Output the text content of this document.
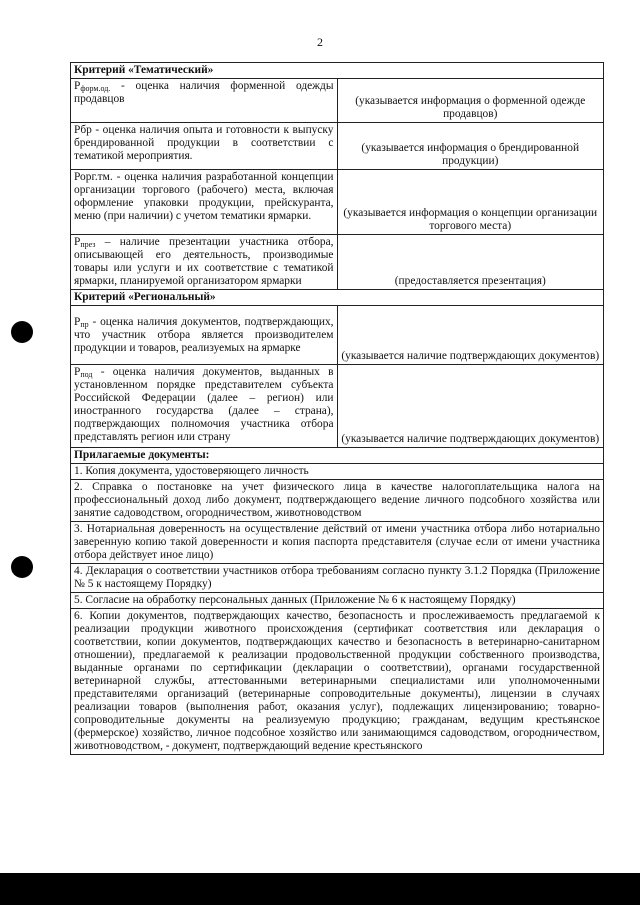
2
Критерий «Тематический»	
Pформ.од. - оценка наличия форменной одежды продавцов	(указывается информация о форменной одежде продавцов)
Рбр - оценка наличия опыта и готовности к выпуску брендированной продукции в соответствии с тематикой мероприятия.	(указывается информация о брендированной продукции)
Рорг.тм. - оценка наличия разработанной концепции организации торгового (рабочего) места, включая оформление упаковки продукции, прейскуранта, меню (при наличии) с учетом тематики ярмарки.	(указывается информация о концепции организации торгового места)
Рпрез – наличие презентации участника отбора, описывающей его деятельность, производимые товары или услуги и их соответствие с тематикой ярмарки, планируемой организатором ярмарки	(предоставляется презентация)
Критерий «Региональный»	
Рпр - оценка наличия документов, подтверждающих, что участник отбора является производителем продукции и товаров, реализуемых на ярмарке	(указывается наличие подтверждающих документов)
Рпод - оценка наличия документов, выданных в установленном порядке представителем субъекта Российской Федерации (далее – регион) или иностранного государства (далее – страна), подтверждающих полномочия участника отбора представлять регион или страну	(указывается наличие подтверждающих документов)
Прилагаемые документы:	
1. Копия документа, удостоверяющего личность	
2. Справка о постановке на учет физического лица в качестве налогоплательщика налога на профессиональный доход либо документ, подтверждающего ведение личного подсобного хозяйства или занятие садоводством, огородничеством, животноводством	
3. Нотариальная доверенность на осуществление действий от имени участника отбора либо нотариально заверенную копию такой доверенности и копия паспорта представителя (случае если от имени участника отбора действует иное лицо)	
4. Декларация о соответствии участников отбора требованиям согласно пункту 3.1.2 Порядка (Приложение № 5 к настоящему Порядку)	
5. Согласие на обработку персональных данных (Приложение № 6 к настоящему Порядку)	
6. Копии документов, подтверждающих качество, безопасность и прослеживаемость предлагаемой к реализации продукции животного происхождения (сертификат соответствия или декларация о соответствии, копии документов, подтверждающих качество и безопасность в ветеринарно-санитарном отношении), предлагаемой к реализации продовольственной продукции собственного производства, выданные органами по сертификации (декларации о соответствии), органами государственной ветеринарной службы, аттестованными ветеринарными специалистами или уполномоченными представителями организаций (ветеринарные сопроводительные документы), лицензии в случаях реализации товаров (выполнения работ, оказания услуг), подлежащих лицензированию; товарно-сопроводительные документы на реализуемую продукцию; гражданам, ведущим крестьянское (фермерское) хозяйство, личное подсобное хозяйство или занимающимся садоводством, огородничеством, животноводством, - документ, подтверждающий ведение крестьянского	
